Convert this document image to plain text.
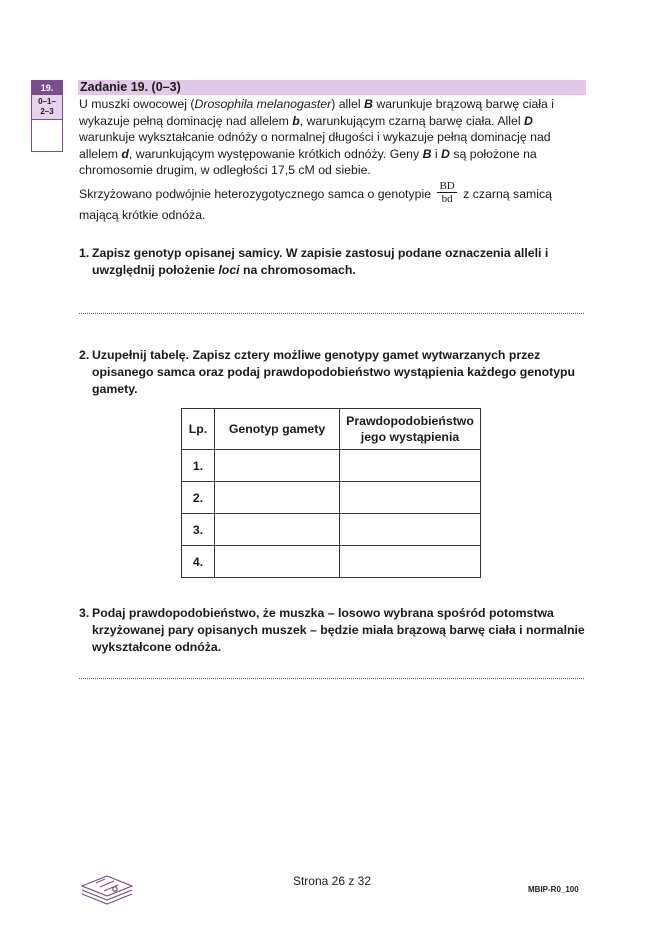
19.
0–1–
2–3
Zadanie 19. (0–3)
U muszki owocowej (Drosophila melanogaster) allel B warunkuje brązową barwę ciała i wykazuje pełną dominację nad allelem b, warunkującym czarną barwę ciała. Allel D warunkuje wykształcanie odnóży o normalnej długości i wykazuje pełną dominację nad allelem d, warunkującym występowanie krótkich odnóży. Geny B i D są położone na chromosomie drugim, w odległości 17,5 cM od siebie.
Skrzyżowano podwójnie heterozygotycznego samca o genotypie $\frac{BD}{bd}$ z czarną samicą mającą krótkie odnóża.
1. Zapisz genotyp opisanej samicy. W zapisie zastosuj podane oznaczenia alleli i uwzględnij położenie loci na chromosomach.
2. Uzupełnij tabelę. Zapisz cztery możliwe genotypy gamet wytwarzanych przez opisanego samca oraz podaj prawdopodobieństwo wystąpienia każdego genotypu gamety.
Lp.	Genotyp gamety	Prawdopodobieństwo jego wystąpienia
1.		
2.		
3.		
4.		
3. Podaj prawdopodobieństwo, że muszka – losowo wybrana spośród potomstwa krzyżowanej pary opisanych muszek – będzie miała brązową barwę ciała i normalnie wykształcone odnóża.
Strona 26 z 32
MBIP-R0_100
